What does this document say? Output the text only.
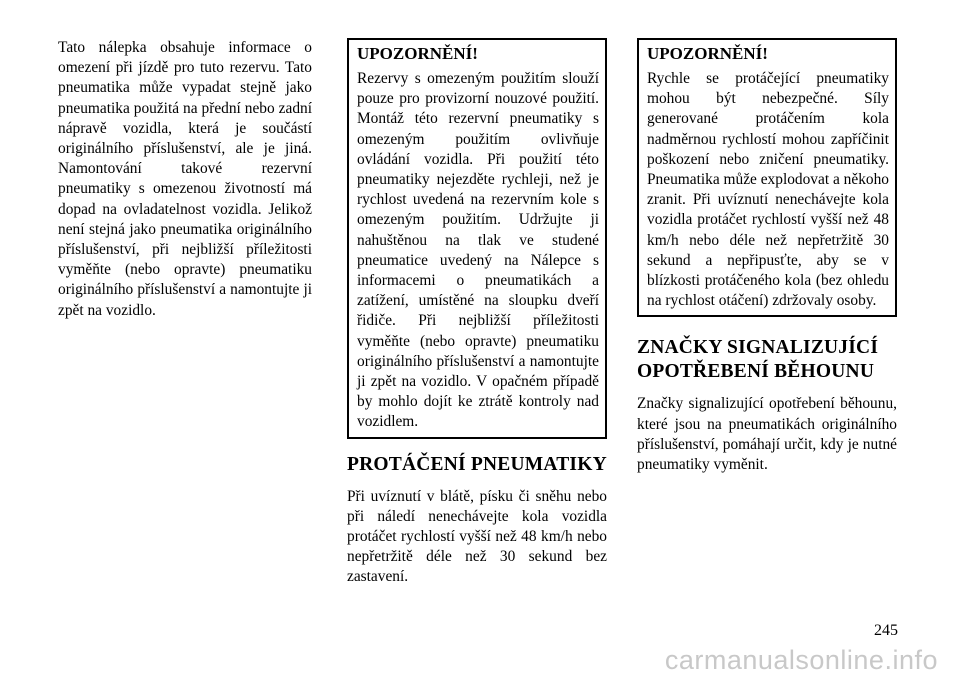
Tato nálepka obsahuje informace o omezení při jízdě pro tuto rezervu. Tato pneumatika může vypadat stejně jako pneumatika použitá na přední nebo zadní nápravě vozidla, která je součástí originálního příslušenství, ale je jiná. Namontování takové rezervní pneumatiky s omezenou životností má dopad na ovladatelnost vozidla. Jelikož není stejná jako pneumatika originálního příslušenství, při nejbližší příležitosti vyměňte (nebo opravte) pneumatiku originálního příslušenství a namontujte ji zpět na vozidlo.

UPOZORNĚNÍ!

Rezervy s omezeným použitím slouží pouze pro provizorní nouzové použití. Montáž této rezervní pneumatiky s omezeným použitím ovlivňuje ovládání vozidla. Při použití této pneumatiky nejezděte rychleji, než je rychlost uvedená na rezervním kole s omezeným použitím. Udržujte ji nahuštěnou na tlak ve studené pneumatice uvedený na Nálepce s informacemi o pneumatikách a zatížení, umístěné na sloupku dveří řidiče. Při nejbližší příležitosti vyměňte (nebo opravte) pneumatiku originálního příslušenství a namontujte ji zpět na vozidlo. V opačném případě by mohlo dojít ke ztrátě kontroly nad vozidlem.

PROTÁČENÍ PNEUMATIKY

Při uvíznutí v blátě, písku či sněhu nebo při náledí nenechávejte kola vozidla protáčet rychlostí vyšší než 48 km/h nebo nepřetržitě déle než 30 sekund bez zastavení.

UPOZORNĚNÍ!

Rychle se protáčející pneumatiky mohou být nebezpečné. Síly generované protáčením kola nadměrnou rychlostí mohou zapříčinit poškození nebo zničení pneumatiky. Pneumatika může explodovat a někoho zranit. Při uvíznutí nenechávejte kola vozidla protáčet rychlostí vyšší než 48 km/h nebo déle než nepřetržitě 30 sekund a nepřipusťte, aby se v blízkosti protáčeného kola (bez ohledu na rychlost otáčení) zdržovaly osoby.

ZNAČKY SIGNALIZUJÍCÍ OPOTŘEBENÍ BĚHOUNU

Značky signalizující opotřebení běhounu, které jsou na pneumatikách originálního příslušenství, pomáhají určit, kdy je nutné pneumatiky vyměnit.

245
carmanualsonline.info
